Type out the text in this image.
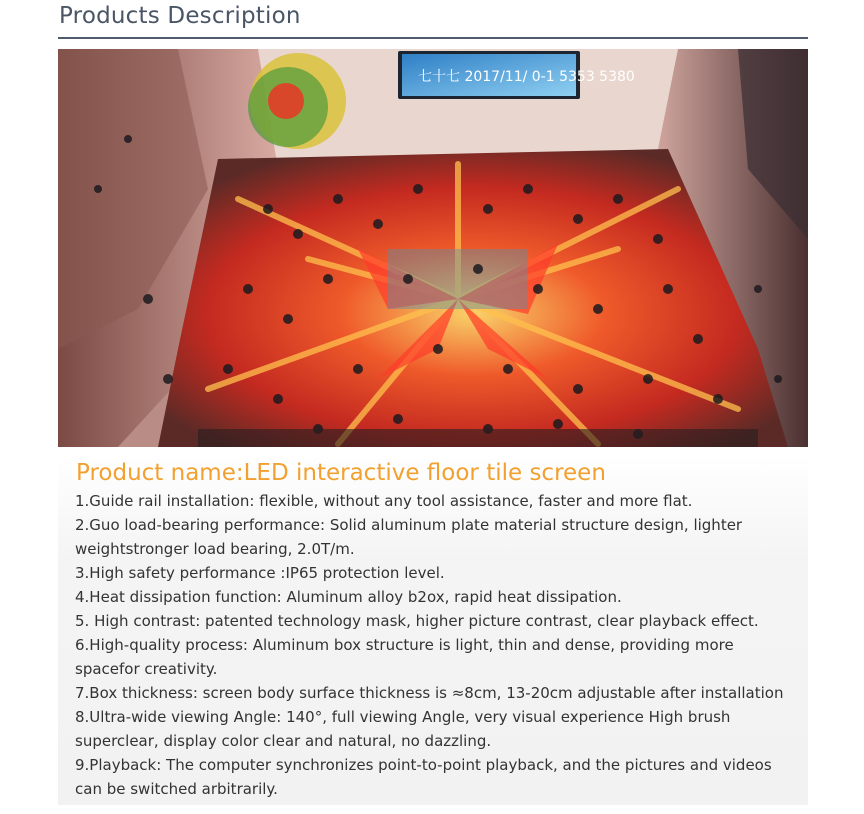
Products Description
七十七 2017/11/ 0-1 5353 5380
Product name:LED interactive floor tile screen
1.Guide rail installation: flexible, without any tool assistance, faster and more flat.
2.Guo load-bearing performance: Solid aluminum plate material structure design, lighter weightstronger load bearing, 2.0T/m.
3.High safety performance :IP65 protection level.
4.Heat dissipation function: Aluminum alloy b2ox, rapid heat dissipation.
5. High contrast: patented technology mask, higher picture contrast, clear playback effect.
6.High-quality process: Aluminum box structure is light, thin and dense, providing more spacefor creativity.
7.Box thickness: screen body surface thickness is ≈8cm, 13-20cm adjustable after installation
8.Ultra-wide viewing Angle: 140°, full viewing Angle, very visual experience High brush superclear, display color clear and natural, no dazzling.
9.Playback: The computer synchronizes point-to-point playback, and the pictures and videos can be switched arbitrarily.
